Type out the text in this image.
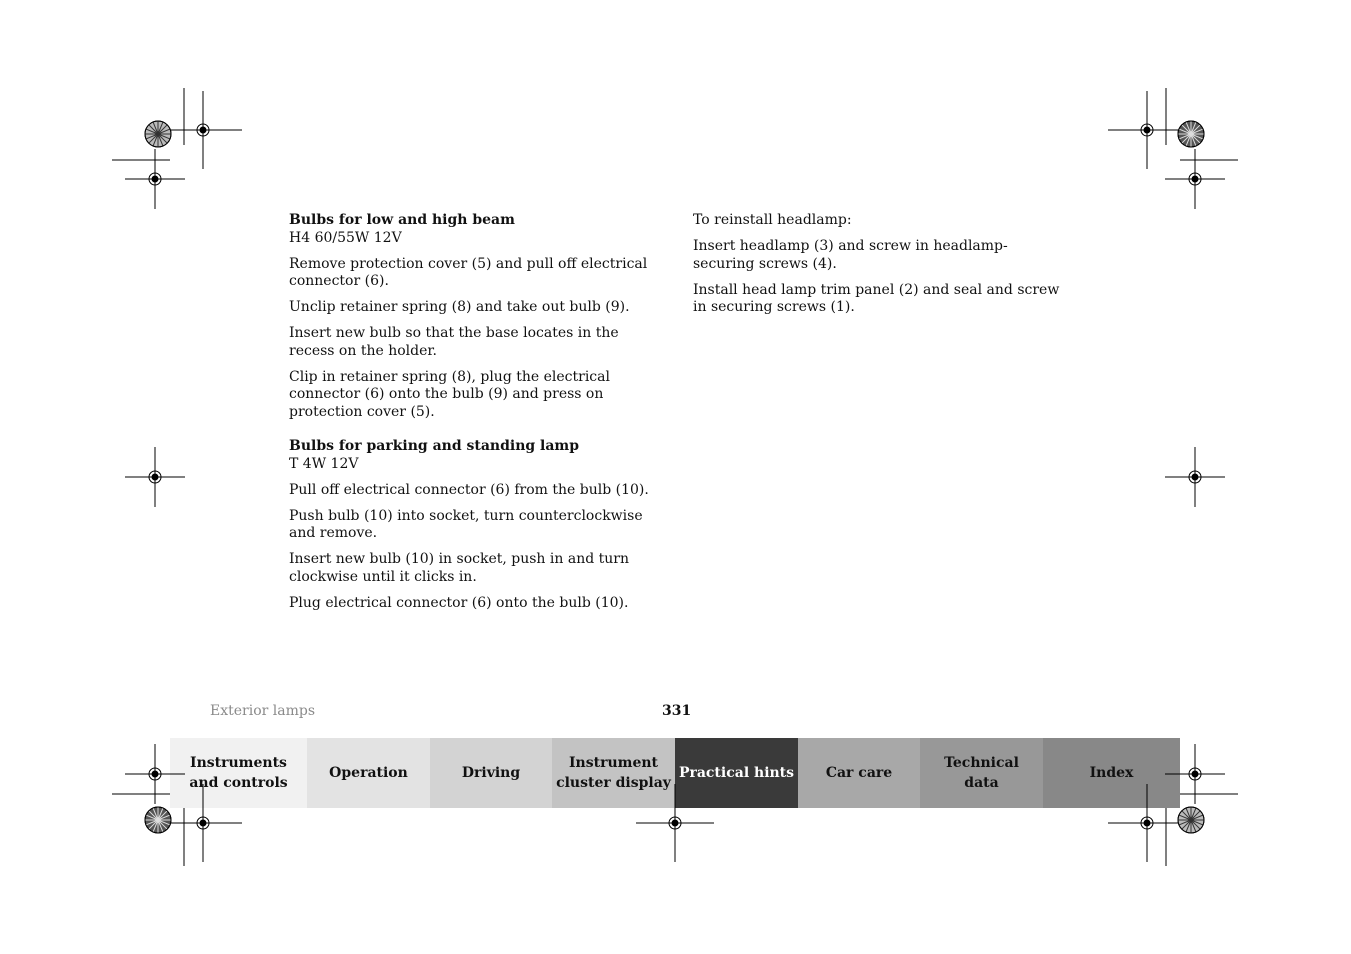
Bulbs for low and high beam
H4 60/55W 12V

Remove protection cover (5) and pull off electrical connector (6).

Unclip retainer spring (8) and take out bulb (9).

Insert new bulb so that the base locates in the recess on the holder.

Clip in retainer spring (8), plug the electrical connector (6) onto the bulb (9) and press on protection cover (5).

Bulbs for parking and standing lamp
T 4W 12V

Pull off electrical connector (6) from the bulb (10).

Push bulb (10) into socket, turn counterclockwise and remove.

Insert new bulb (10) in socket, push in and turn clockwise until it clicks in.

Plug electrical connector (6) onto the bulb (10).

To reinstall headlamp:

Insert headlamp (3) and screw in headlamp-securing screws (4).

Install head lamp trim panel (2) and seal and screw in securing screws (1).

Exterior lamps	331
Instruments
and controls
Operation	Driving
Instrument
cluster display
Practical hints	Car care
Technical
data
Index
